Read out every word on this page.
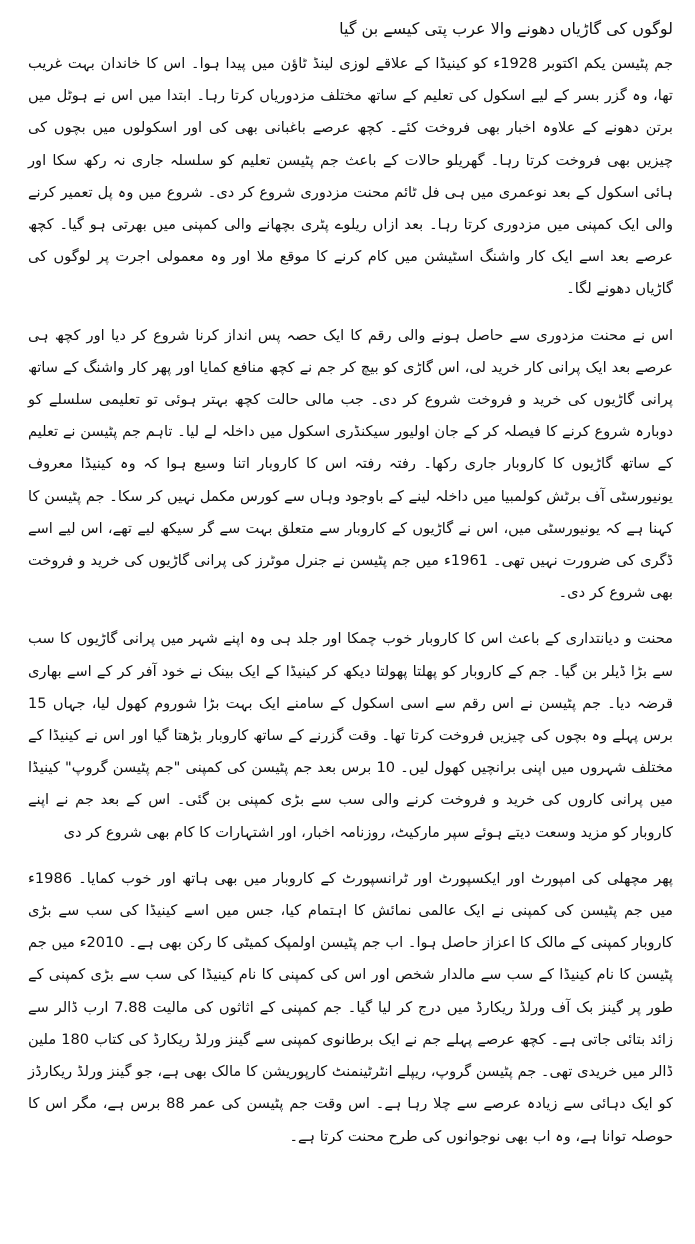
لوگوں کی گاڑیاں دھونے والا عرب پتی کیسے بن گیا

جم پٹیسن یکم اکتوبر 1928ء کو کینیڈا کے علاقے لوزی لینڈ ٹاؤن میں پیدا ہوا۔ اس کا خاندان بہت غریب تھا، وہ گزر بسر کے لیے اسکول کی تعلیم کے ساتھ مختلف مزدوریاں کرتا رہا۔ ابتدا میں اس نے ہوٹل میں برتن دھونے کے علاوہ اخبار بھی فروخت کئے۔ کچھ عرصے باغبانی بھی کی اور اسکولوں میں بچوں کی چیزیں بھی فروخت کرتا رہا۔ گھریلو حالات کے باعث جم پٹیسن تعلیم کو سلسلہ جاری نہ رکھ سکا اور ہائی اسکول کے بعد نوعمری میں ہی فل ٹائم محنت مزدوری شروع کر دی۔ شروع میں وہ پل تعمیر کرنے والی ایک کمپنی میں مزدوری کرتا رہا۔ بعد ازاں ریلوے پٹری بچھانے والی کمپنی میں بھرتی ہو گیا۔ کچھ عرصے بعد اسے ایک کار واشنگ اسٹیشن میں کام کرنے کا موقع ملا اور وہ معمولی اجرت پر لوگوں کی گاڑیاں دھونے لگا۔

اس نے محنت مزدوری سے حاصل ہونے والی رقم کا ایک حصہ پس انداز کرنا شروع کر دیا اور کچھ ہی عرصے بعد ایک پرانی کار خرید لی، اس گاڑی کو بیچ کر جم نے کچھ منافع کمایا اور پھر کار واشنگ کے ساتھ پرانی گاڑیوں کی خرید و فروخت شروع کر دی۔ جب مالی حالت کچھ بہتر ہوئی تو تعلیمی سلسلے کو دوبارہ شروع کرنے کا فیصلہ کر کے جان اولیور سیکنڈری اسکول میں داخلہ لے لیا۔ تاہم جم پٹیسن نے تعلیم کے ساتھ گاڑیوں کا کاروبار جاری رکھا۔ رفتہ رفتہ اس کا کاروبار اتنا وسیع ہوا کہ وہ کینیڈا معروف یونیورسٹی آف برٹش کولمبیا میں داخلہ لینے کے باوجود وہاں سے کورس مکمل نہیں کر سکا۔ جم پٹیسن کا کہنا ہے کہ یونیورسٹی میں، اس نے گاڑیوں کے کاروبار سے متعلق بہت سے گر سیکھ لیے تھے، اس لیے اسے ڈگری کی ضرورت نہیں تھی۔ 1961ء میں جم پٹیسن نے جنرل موٹرز کی پرانی گاڑیوں کی خرید و فروخت بھی شروع کر دی۔

محنت و دیانتداری کے باعث اس کا کاروبار خوب چمکا اور جلد ہی وہ اپنے شہر میں پرانی گاڑیوں کا سب سے بڑا ڈیلر بن گیا۔ جم کے کاروبار کو پھلتا پھولتا دیکھ کر کینیڈا کے ایک بینک نے خود آفر کر کے اسے بھاری قرضہ دیا۔ جم پٹیسن نے اس رقم سے اسی اسکول کے سامنے ایک بہت بڑا شوروم کھول لیا، جہاں 15 برس پہلے وہ بچوں کی چیزیں فروخت کرتا تھا۔ وقت گزرنے کے ساتھ کاروبار بڑھتا گیا اور اس نے کینیڈا کے مختلف شہروں میں اپنی برانچیں کھول لیں۔ 10 برس بعد جم پٹیسن کی کمپنی "جم پٹیسن گروپ" کینیڈا میں پرانی کاروں کی خرید و فروخت کرنے والی سب سے بڑی کمپنی بن گئی۔ اس کے بعد جم نے اپنے کاروبار کو مزید وسعت دیتے ہوئے سپر مارکیٹ، روزنامہ اخبار، اور اشتہارات کا کام بھی شروع کر دی

پھر مچھلی کی امپورٹ اور ایکسپورٹ اور ٹرانسپورٹ کے کاروبار میں بھی ہاتھ اور خوب کمایا۔ 1986ء میں جم پٹیسن کی کمپنی نے ایک عالمی نمائش کا اہتمام کیا، جس میں اسے کینیڈا کی سب سے بڑی کاروبار کمپنی کے مالک کا اعزاز حاصل ہوا۔ اب جم پٹیسن اولمپک کمیٹی کا رکن بھی ہے۔ 2010ء میں جم پٹیسن کا نام کینیڈا کے سب سے مالدار شخص اور اس کی کمپنی کا نام کینیڈا کی سب سے بڑی کمپنی کے طور پر گینز بک آف ورلڈ ریکارڈ میں درج کر لیا گیا۔ جم کمپنی کے اثاثوں کی مالیت 7.88 ارب ڈالر سے زائد بتائی جاتی ہے۔ کچھ عرصے پہلے جم نے ایک برطانوی کمپنی سے گینز ورلڈ ریکارڈ کی کتاب 180 ملین ڈالر میں خریدی تھی۔ جم پٹیسن گروپ، ریپلے انٹرٹینمنٹ کارپوریشن کا مالک بھی ہے، جو گینز ورلڈ ریکارڈز کو ایک دہائی سے زیادہ عرصے سے چلا رہا ہے۔ اس وقت جم پٹیسن کی عمر 88 برس ہے، مگر اس کا حوصلہ توانا ہے، وہ اب بھی نوجوانوں کی طرح محنت کرتا ہے۔
